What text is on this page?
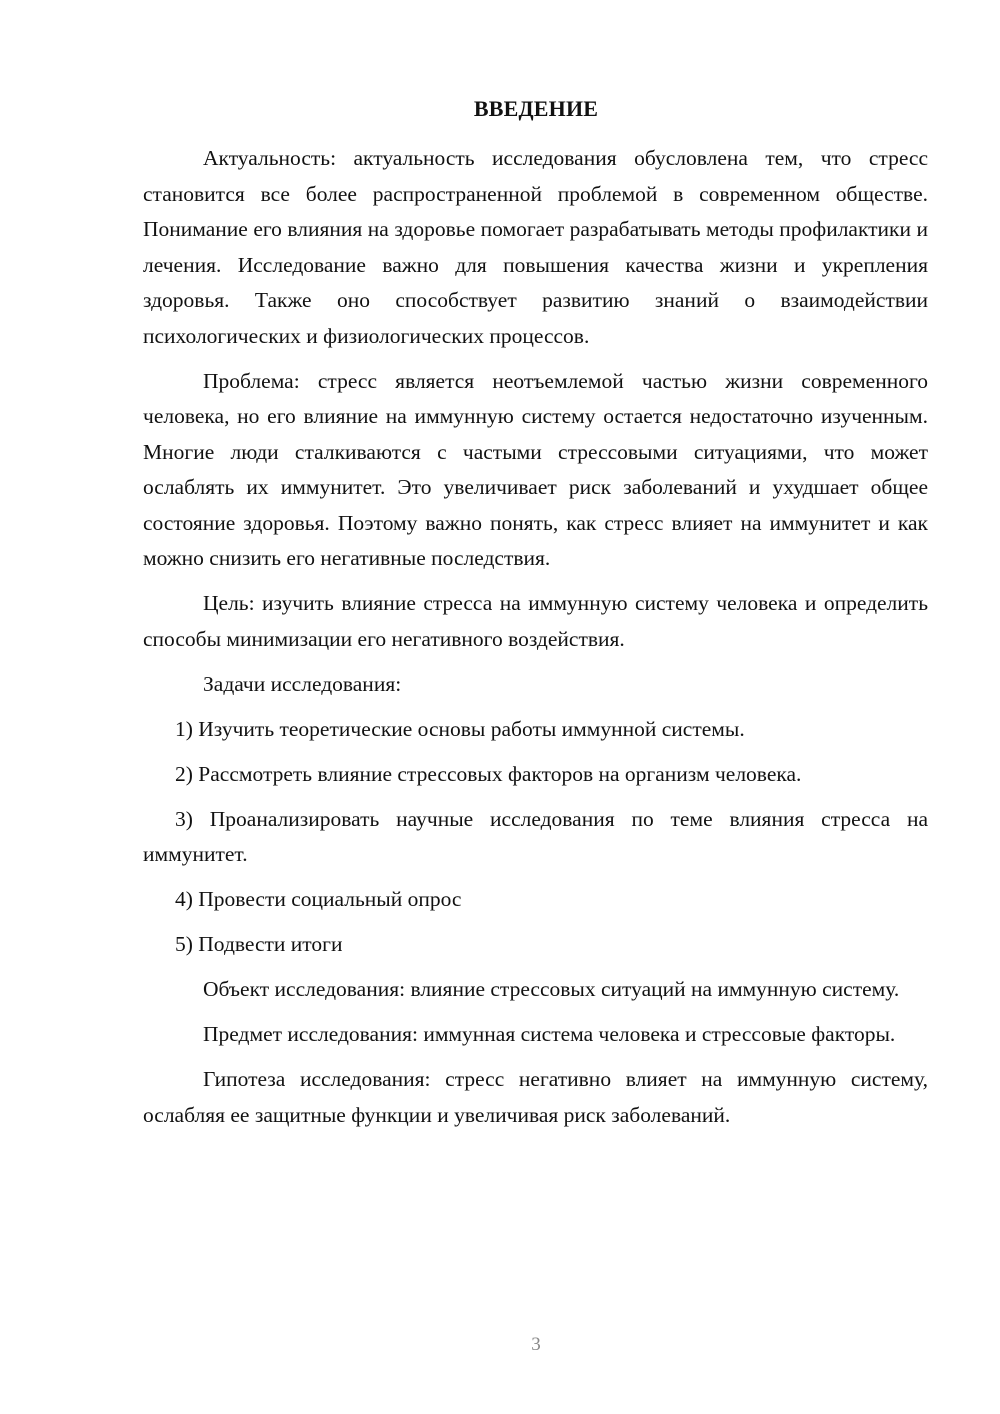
ВВЕДЕНИЕ

Актуальность: актуальность исследования обусловлена тем, что стресс становится все более распространенной проблемой в современном обществе. Понимание его влияния на здоровье помогает разрабатывать методы профилактики и лечения. Исследование важно для повышения качества жизни и укрепления здоровья. Также оно способствует развитию знаний о взаимодействии психологических и физиологических процессов.

Проблема: стресс является неотъемлемой частью жизни современного человека, но его влияние на иммунную систему остается недостаточно изученным. Многие люди сталкиваются с частыми стрессовыми ситуациями, что может ослаблять их иммунитет. Это увеличивает риск заболеваний и ухудшает общее состояние здоровья. Поэтому важно понять, как стресс влияет на иммунитет и как можно снизить его негативные последствия.

Цель: изучить влияние стресса на иммунную систему человека и определить способы минимизации его негативного воздействия.

Задачи исследования:

1) Изучить теоретические основы работы иммунной системы.

2) Рассмотреть влияние стрессовых факторов на организм человека.

3) Проанализировать научные исследования по теме влияния стресса на иммунитет.

4) Провести социальный опрос

5) Подвести итоги

Объект исследования: влияние стрессовых ситуаций на иммунную систему.

Предмет исследования: иммунная система человека и стрессовые факторы.

Гипотеза исследования: стресс негативно влияет на иммунную систему, ослабляя ее защитные функции и увеличивая риск заболеваний.

3
